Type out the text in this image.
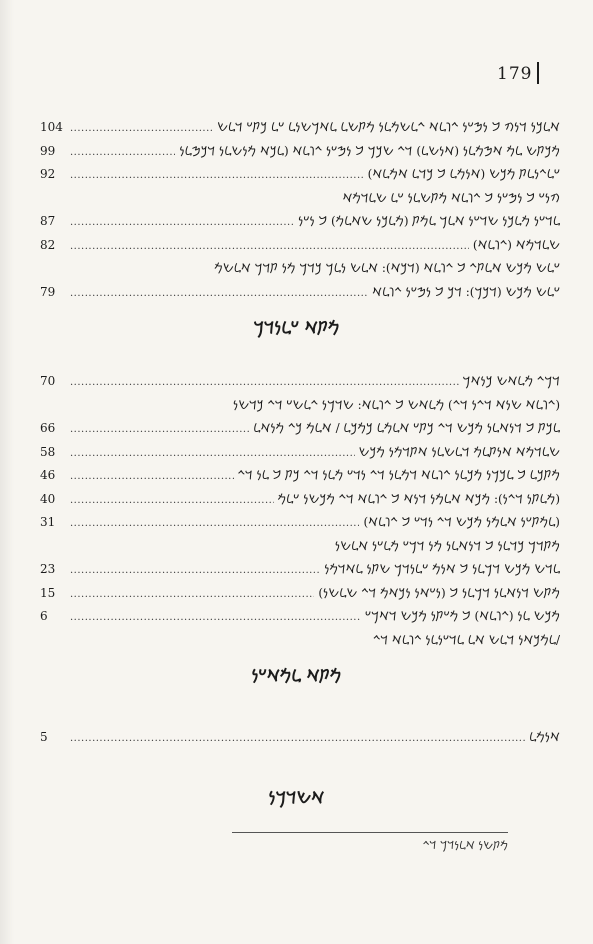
179
104 .....	𐡀𐡋𐡊𐡍 𐡃𐡍𐡄 𐡁 𐡍𐡎𐡏𐡍 𐡉𐡅𐡋𐡀 𐡉𐡋𐡔𐡌𐡋𐡍 𐡌𐡕𐡔𐡋 𐡋𐡀𐡓𐡔𐡍𐡋 𐡏𐡋 𐡊𐡕𐡏 𐡃𐡋𐡔
99 .....	𐡌𐡊𐡕𐡔 𐡋𐡌 𐡀𐡎𐡌𐡋𐡍 (𐡀𐡍𐡔𐡋) 𐡃𐡉 𐡔𐡊𐡓 𐡁 𐡍𐡎𐡏𐡍 𐡉𐡅𐡋𐡀 (𐡋𐡊𐡀 𐡌𐡍𐡔𐡋𐡍 𐡃𐡊𐡎𐡋𐡍
92 .....	𐡏𐡋𐡉𐡍𐡋𐡕 𐡌𐡊𐡔 (𐡀𐡍𐡌𐡋 𐡁 𐡊𐡃𐡋 𐡀𐡌𐡋𐡀)
𐡄𐡍𐡏 𐡁 𐡍𐡎𐡏𐡍 𐡁 𐡉𐡅𐡋𐡀 𐡌𐡕𐡔𐡋𐡍 𐡏𐡋 𐡔𐡋𐡃𐡌𐡀
87 .....	𐡋𐡃𐡏𐡍 𐡌𐡋𐡊𐡍 𐡔𐡃𐡏𐡍 𐡀𐡋𐡓 𐡋𐡌𐡕 (𐡌𐡋𐡊𐡍 𐡔𐡀𐡋𐡌) 𐡁 𐡍𐡏𐡍
82 .....	𐡔𐡋𐡃𐡌𐡀 (𐡉𐡅𐡋𐡀)
𐡏𐡋𐡔 𐡌𐡊𐡔 𐡀𐡋𐡕𐡉 𐡁 𐡉𐡅𐡋𐡀 (𐡃𐡊𐡀): 𐡀𐡋𐡔 𐡍𐡋𐡓 𐡊𐡃𐡓 𐡌𐡍 𐡕𐡃𐡓 𐡀𐡋𐡔𐡌
79 .....	𐡏𐡋𐡔 𐡌𐡊𐡔 (𐡃𐡊𐡓): 𐡃𐡊 𐡁 𐡍𐡎𐡏𐡍 𐡉𐡅𐡋𐡀
𐡌𐡕𐡀 𐡏𐡋𐡍𐡃𐡓
70 .....	𐡃𐡓𐡉 𐡌𐡋𐡀𐡔 𐡊𐡍𐡀𐡓
(𐡉𐡅𐡋𐡀 𐡔𐡍𐡀 𐡃𐡉𐡍 𐡃𐡉) 𐡌𐡋𐡀𐡔 𐡁 𐡉𐡅𐡋𐡀: 𐡔𐡃𐡓𐡍 𐡉𐡋𐡔𐡏 𐡃𐡉 𐡊𐡃𐡔𐡍
66 .....	𐡋𐡊𐡕 𐡁 𐡃𐡍𐡀𐡋𐡍 𐡌𐡊𐡔 𐡃𐡉 𐡊𐡕𐡏 𐡀𐡋𐡌𐡋 𐡊𐡌𐡊𐡋 / 𐡀𐡋𐡌 𐡊𐡉 𐡌𐡍𐡀𐡋
58 .....	𐡔𐡋𐡃𐡌𐡀 𐡀𐡍𐡕𐡋𐡌 𐡃𐡋𐡔𐡋𐡍 𐡀𐡕𐡃𐡌𐡍 𐡌𐡊𐡔
46 .....	𐡌𐡕𐡊𐡋 𐡁 𐡋𐡊𐡓𐡍 𐡌𐡊𐡋𐡍 𐡉𐡅𐡋𐡀 𐡃𐡌𐡋𐡍 𐡃𐡉 𐡍𐡃𐡏 𐡌𐡋𐡍 𐡃𐡉 𐡊𐡕 𐡁 𐡋𐡍 𐡃𐡉
40 .....	(𐡌𐡋𐡕𐡍 𐡃𐡉𐡍): 𐡌𐡊𐡀 𐡀𐡋𐡌𐡍 𐡃𐡍𐡀 𐡁 𐡉𐡅𐡋𐡀 𐡃𐡉 𐡌𐡊𐡔𐡍 𐡏𐡋𐡌
31 .....	(𐡋𐡌𐡕𐡏𐡍 𐡀𐡋𐡌𐡍 𐡌𐡊𐡔 𐡃𐡉 𐡍𐡃𐡏 𐡁 𐡉𐡅𐡋𐡀)
𐡌𐡕𐡃𐡓 𐡊𐡃𐡋𐡍 𐡁 𐡃𐡍𐡀𐡋𐡍 𐡌𐡍 𐡃𐡓𐡏 𐡌𐡋𐡏𐡍 𐡀𐡋𐡔𐡍
23 .....	𐡋𐡃𐡔 𐡌𐡊𐡔 𐡃𐡓𐡋𐡍 𐡁 𐡀𐡍𐡌 𐡏𐡋𐡍𐡃𐡓 𐡔𐡕𐡍 𐡋𐡀𐡃𐡌𐡍
15 .....	𐡌𐡕𐡔 𐡃𐡍𐡀𐡋𐡍 𐡃𐡓𐡋𐡍 𐡁 (𐡍𐡏𐡀𐡍 𐡍𐡊𐡀𐡌 𐡃𐡉 𐡔𐡋𐡔𐡍)
6 .....	𐡌𐡊𐡔 𐡋𐡍 (𐡉𐡅𐡋𐡀) 𐡁 𐡌𐡏𐡕𐡍 𐡌𐡊𐡔 𐡃𐡀𐡓𐡏
/𐡋𐡌𐡊𐡀𐡍 𐡃𐡋𐡔 𐡀𐡋 𐡋𐡃𐡏𐡍𐡋𐡍 𐡉𐡅𐡋𐡀 𐡃𐡉
𐡌𐡕𐡀 𐡋𐡌𐡀𐡏𐡍
5 .....	𐡀𐡍𐡌𐡋
𐡀𐡔𐡃𐡓𐡍
𐡌𐡕𐡔𐡍 𐡀𐡋𐡍𐡃𐡓 𐡃𐡉
